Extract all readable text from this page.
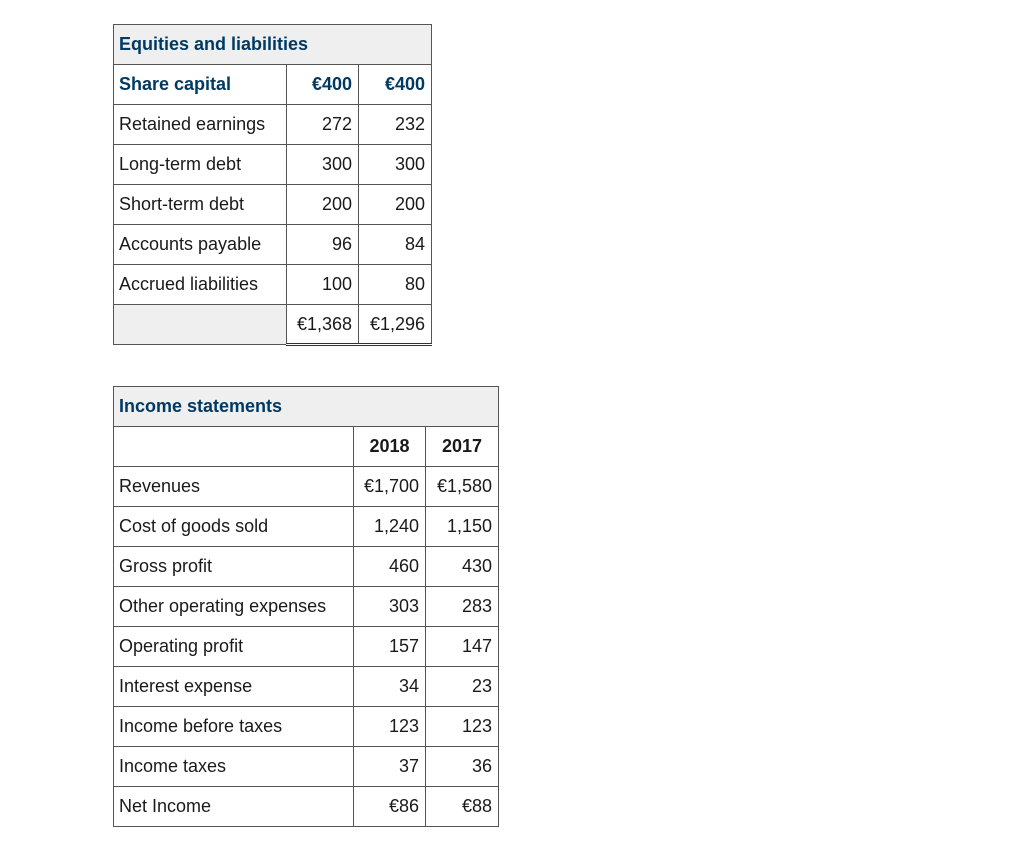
Equities and liabilities		
Share capital	€400	€400
Retained earnings	272	232
Long-term debt	300	300
Short-term debt	200	200
Accounts payable	96	84
Accrued liabilities	100	80
	€1,368	€1,296
Income statements		
	2018	2017
Revenues	€1,700	€1,580
Cost of goods sold	1,240	1,150
Gross profit	460	430
Other operating expenses	303	283
Operating profit	157	147
Interest expense	34	23
Income before taxes	123	123
Income taxes	37	36
Net Income	€86	€88
